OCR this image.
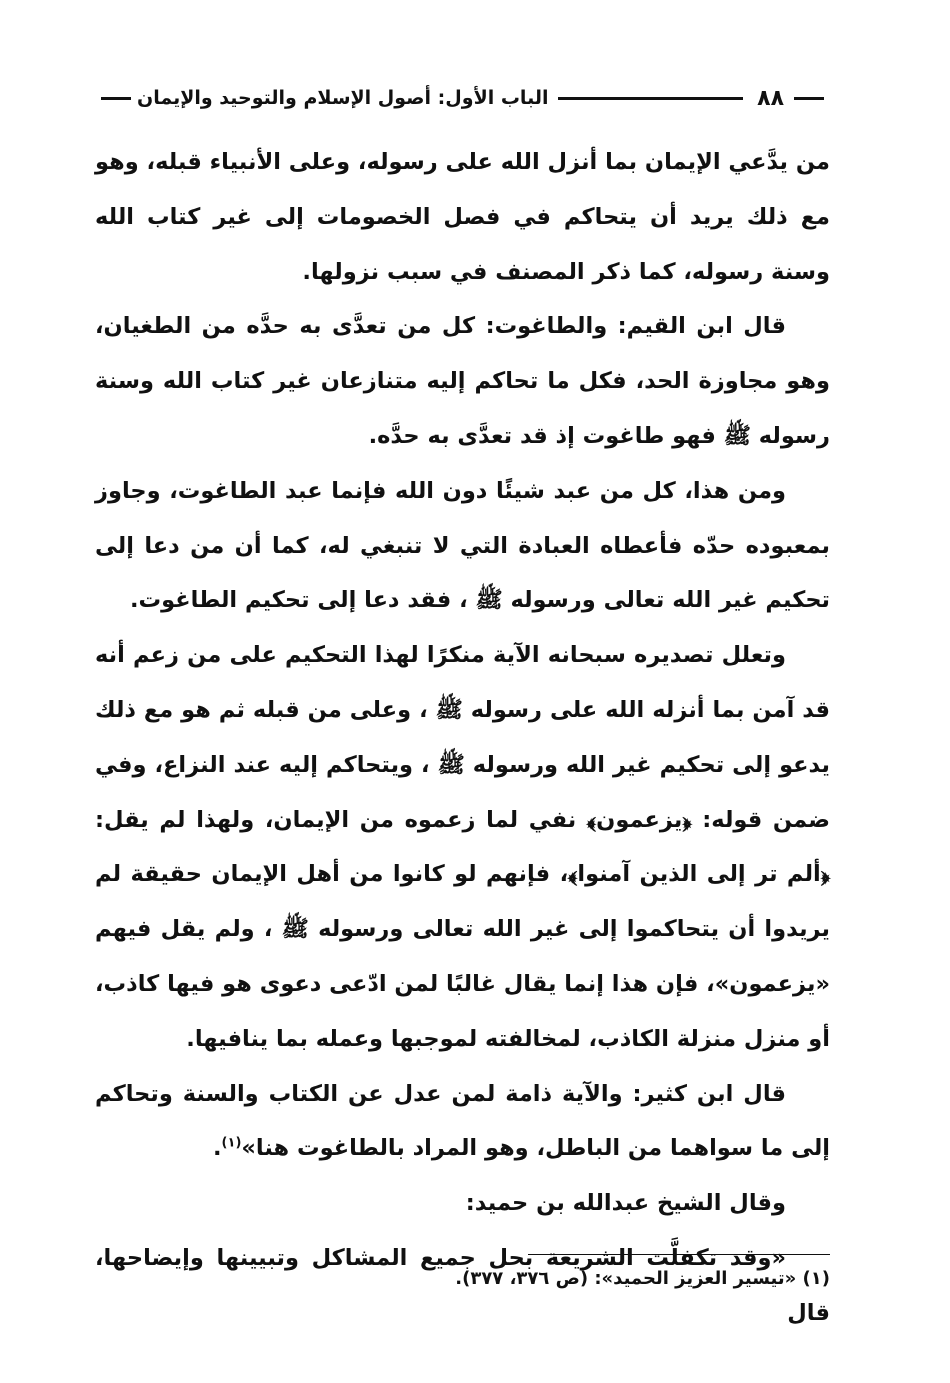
٨٨
الباب الأول: أصول الإسلام والتوحيد والإيمان

من يدَّعي الإيمان بما أنزل الله على رسوله، وعلى الأنبياء قبله، وهو مع ذلك يريد أن يتحاكم في فصل الخصومات إلى غير كتاب الله وسنة رسوله، كما ذكر المصنف في سبب نزولها.

قال ابن القيم: والطاغوت: كل من تعدَّى به حدَّه من الطغيان، وهو مجاوزة الحد، فكل ما تحاكم إليه متنازعان غير كتاب الله وسنة رسوله ﷺ فهو طاغوت إذ قد تعدَّى به حدَّه.

ومن هذا، كل من عبد شيئًا دون الله فإنما عبد الطاغوت، وجاوز بمعبوده حدّه فأعطاه العبادة التي لا تنبغي له، كما أن من دعا إلى تحكيم غير الله تعالى ورسوله ﷺ ، فقد دعا إلى تحكيم الطاغوت.

وتعلل تصديره سبحانه الآية منكرًا لهذا التحكيم على من زعم أنه قد آمن بما أنزله الله على رسوله ﷺ ، وعلى من قبله ثم هو مع ذلك يدعو إلى تحكيم غير الله ورسوله ﷺ ، ويتحاكم إليه عند النزاع، وفي ضمن قوله: ﴿يزعمون﴾ نفي لما زعموه من الإيمان، ولهذا لم يقل: ﴿ألم تر إلى الذين آمنوا﴾، فإنهم لو كانوا من أهل الإيمان حقيقة لم يريدوا أن يتحاكموا إلى غير الله تعالى ورسوله ﷺ ، ولم يقل فيهم «يزعمون»، فإن هذا إنما يقال غالبًا لمن ادّعى دعوى هو فيها كاذب، أو منزل منزلة الكاذب، لمخالفته لموجبها وعمله بما ينافيها.

قال ابن كثير: والآية ذامة لمن عدل عن الكتاب والسنة وتحاكم إلى ما سواهما من الباطل، وهو المراد بالطاغوت هنا»$^{(١)}$.

وقال الشيخ عبدالله بن حميد:

«وقد تكفلَّت الشريعة بحل جميع المشاكل وتبيينها وإيضاحها، قال

(١) «تيسير العزيز الحميد»: (ص ٣٧٦، ٣٧٧).
